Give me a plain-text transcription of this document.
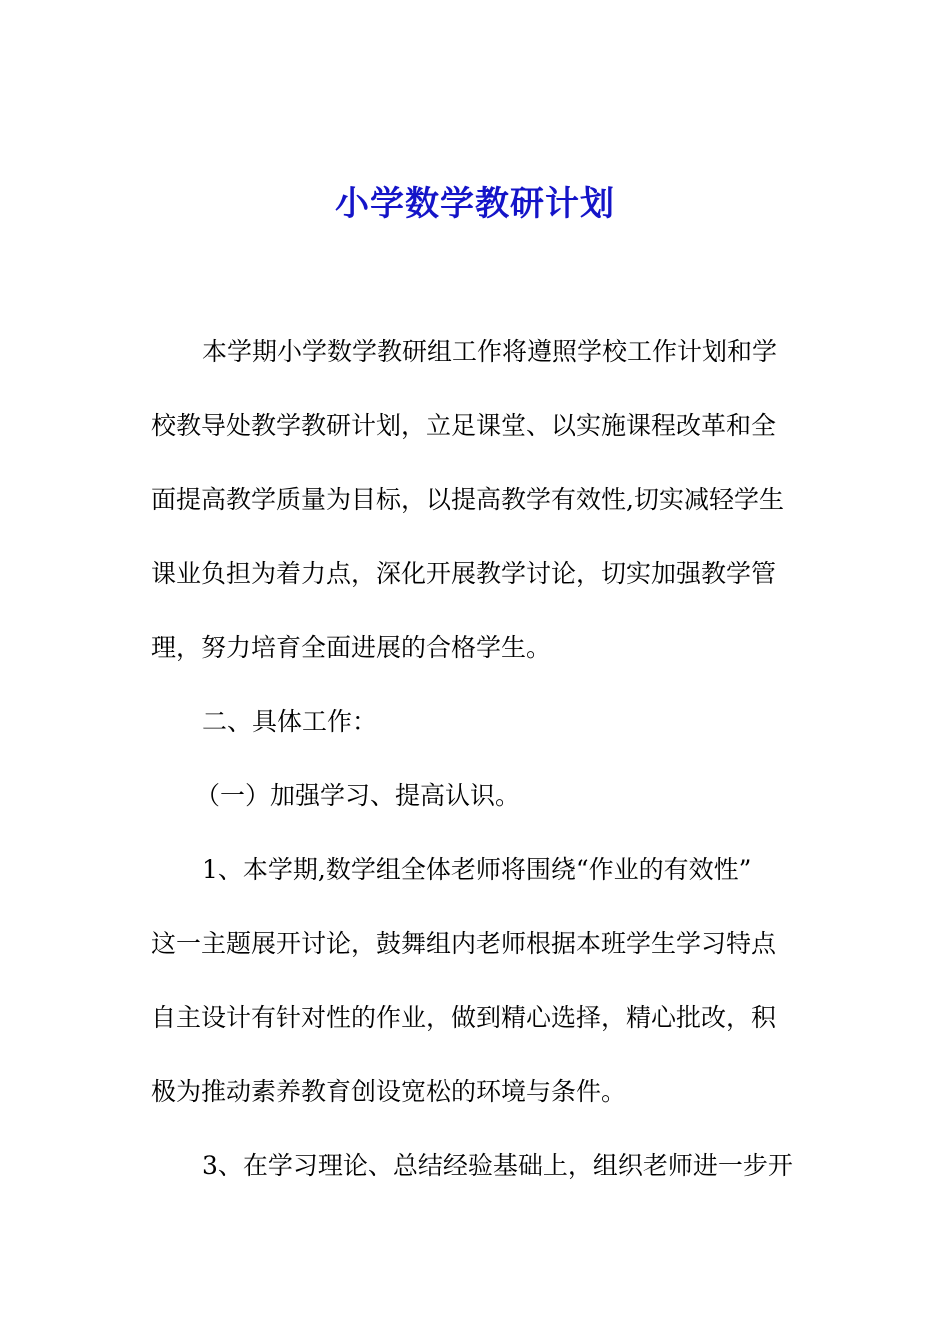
小学数学教研计划
本学期小学数学教研组工作将遵照学校工作计划和学
校教导处教学教研计划，立足课堂、以实施课程改革和全
面提高教学质量为目标，以提高教学有效性,切实减轻学生
课业负担为着力点，深化开展教学讨论，切实加强教学管
理，努力培育全面进展的合格学生。
二、具体工作：
（一）加强学习、提高认识。
1、本学期,数学组全体老师将围绕“作业的有效性”
这一主题展开讨论，鼓舞组内老师根据本班学生学习特点
自主设计有针对性的作业，做到精心选择，精心批改，积
极为推动素养教育创设宽松的环境与条件。
3、在学习理论、总结经验基础上，组织老师进一步开
